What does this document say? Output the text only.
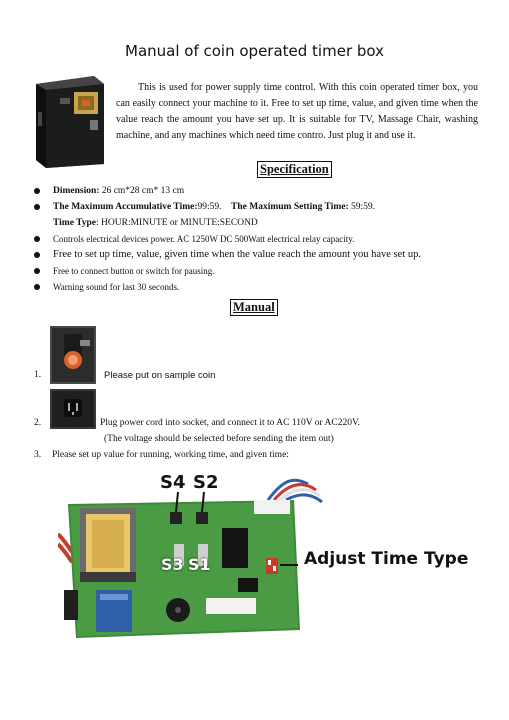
Manual of coin operated timer box

This is used for power supply time control. With this coin operated timer box, you can easily connect your machine to it. Free to set up time, value, and given time when the value reach the amount you have set up. It is suitable for TV, Massage Chair, washing machine, and any machines which need time contro. Just plug it and use it.

Specification
Dimension: 26 cm*28 cm* 13 cm
The Maximum Accumulative Time:99:59. The Maximum Setting Time: 59:59.
Time Type: HOUR:MINUTE or MINUTE:SECOND
Controls electrical devices power. AC 1250W DC 500Watt electrical relay capacity.
Free to set up time, value, given time when the value reach the amount you have set up.
Free to connect button or switch for pausing.
Warning sound for last 30 seconds.
Manual
1.	Please put on sample coin
2.	Plug power cord into socket, and connect it to AC 110V or AC220V.
(The voltage should be selected before sending the item out)
3. Please set up value for running, working time, and given time:
S4 S2
S3 S1	Adjust Time Type
